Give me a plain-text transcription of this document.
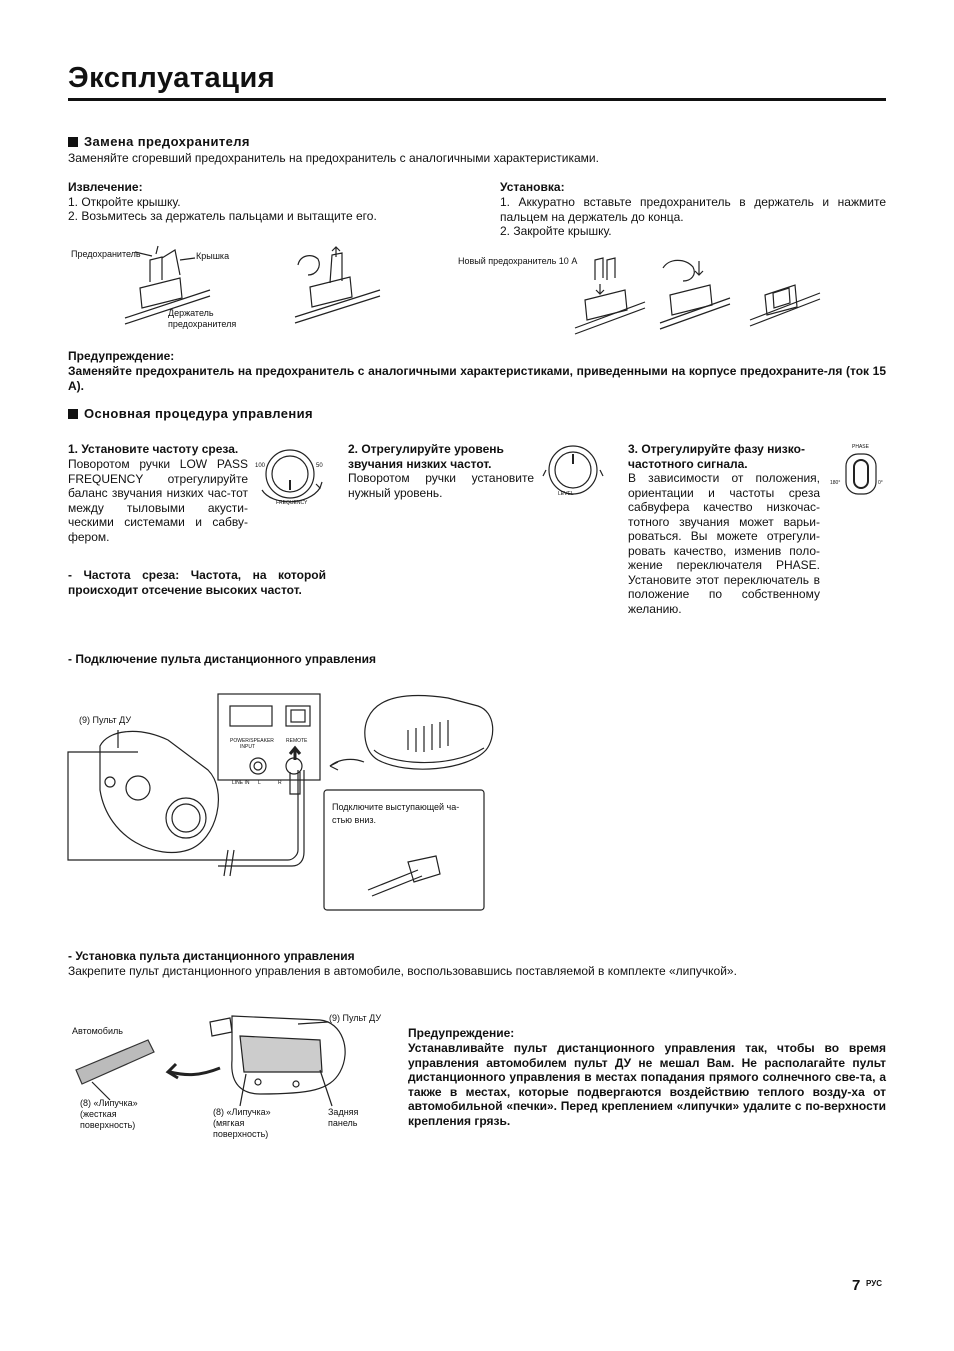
Эксплуатация
Замена предохранителя
Заменяйте сгоревший предохранитель на предохранитель с аналогичными характеристиками.
Извлечение:
1. Откройте крышку.
2. Возьмитесь за держатель пальцами и вытащите его.
Установка:
1. Аккуратно вставьте предохранитель в держатель и нажмите пальцем на держатель до конца.
2. Закройте крышку.
Предохранитель	Крышка
Держатель
предохранителя
Новый предохранитель 10 A
Предупреждение:
Заменяйте предохранитель на предохранитель с аналогичными характеристиками, приведенными на корпусе предохраните-ля (ток 15 A).
Основная процедура управления
1. Установите частоту среза.
Поворотом ручки LOW PASS FREQUENCY отрегулируйте баланс звучания низких час-тот между тыловыми акусти-ческими системами и сабву-фером.
- Частота среза: Частота, на которой происходит отсечение высоких частот.
100	50
FREQUENCY
2. Отрегулируйте уровень звучания низких частот.
Поворотом ручки установите нужный уровень.	LEVEL
3. Отрегулируйте фазу низко-частотного сигнала.
В зависимости от положения, ориентации и частоты среза сабвуфера качество низкочас-тотного звучания может варьи-роваться. Вы можете отрегули-ровать качество, изменив поло-жение переключателя PHASE. Установите этот переключатель в положение по собственному желанию.
PHASE
180°	0°
- Подключение пульта дистанционного управления
(9) Пульт ДУ
POWER/SPEAKER
INPUT
REMOTE
LINE IN L	R
Подключите выступающей ча-
стью вниз.
- Установка пульта дистанционного управления
Закрепите пульт дистанционного управления в автомобиле, воспользовавшись поставляемой в комплекте «липучкой».
Автомобиль
(9) Пульт ДУ
(8) «Липучка»
(жесткая
поверхность)
(8) «Липучка»
(мягкая
поверхность)
Задняя
панель
Предупреждение:
Устанавливайте пульт дистанционного управления так, чтобы во время управления автомобилем пульт ДУ не мешал Вам. Не располагайте пульт дистанционного управления в местах попадания прямого солнечного све-та, а также в местах, которые подвергаются воздействию теплого возду-ха от автомобильной «печки». Перед креплением «липучки» удалите с по-верхности крепления грязь.
7 РУС
